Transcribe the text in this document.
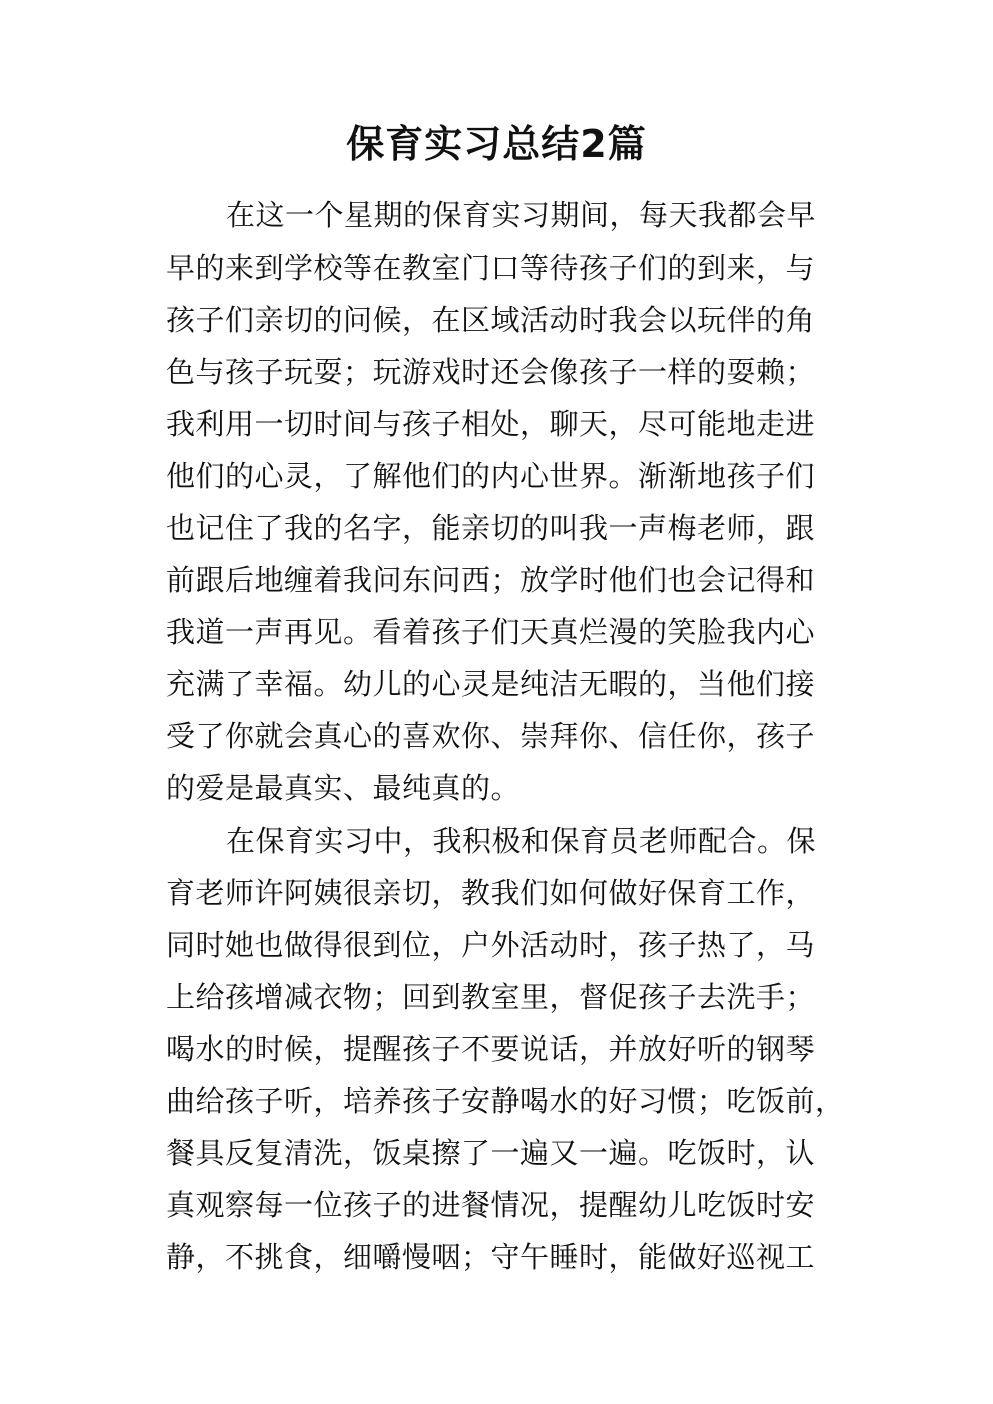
保育实习总结2篇

在这一个星期的保育实习期间，每天我都会早

早的来到学校等在教室门口等待孩子们的到来，与

孩子们亲切的问候，在区域活动时我会以玩伴的角

色与孩子玩耍；玩游戏时还会像孩子一样的耍赖；

我利用一切时间与孩子相处，聊天，尽可能地走进

他们的心灵，了解他们的内心世界。渐渐地孩子们

也记住了我的名字，能亲切的叫我一声梅老师，跟

前跟后地缠着我问东问西；放学时他们也会记得和

我道一声再见。看着孩子们天真烂漫的笑脸我内心

充满了幸福。幼儿的心灵是纯洁无暇的，当他们接

受了你就会真心的喜欢你、崇拜你、信任你，孩子

的爱是最真实、最纯真的。

在保育实习中，我积极和保育员老师配合。保

育老师许阿姨很亲切，教我们如何做好保育工作，

同时她也做得很到位，户外活动时，孩子热了，马

上给孩增减衣物；回到教室里，督促孩子去洗手；

喝水的时候，提醒孩子不要说话，并放好听的钢琴

曲给孩子听，培养孩子安静喝水的好习惯；吃饭前，

餐具反复清洗，饭桌擦了一遍又一遍。吃饭时，认

真观察每一位孩子的进餐情况，提醒幼儿吃饭时安

静，不挑食，细嚼慢咽；守午睡时，能做好巡视工
